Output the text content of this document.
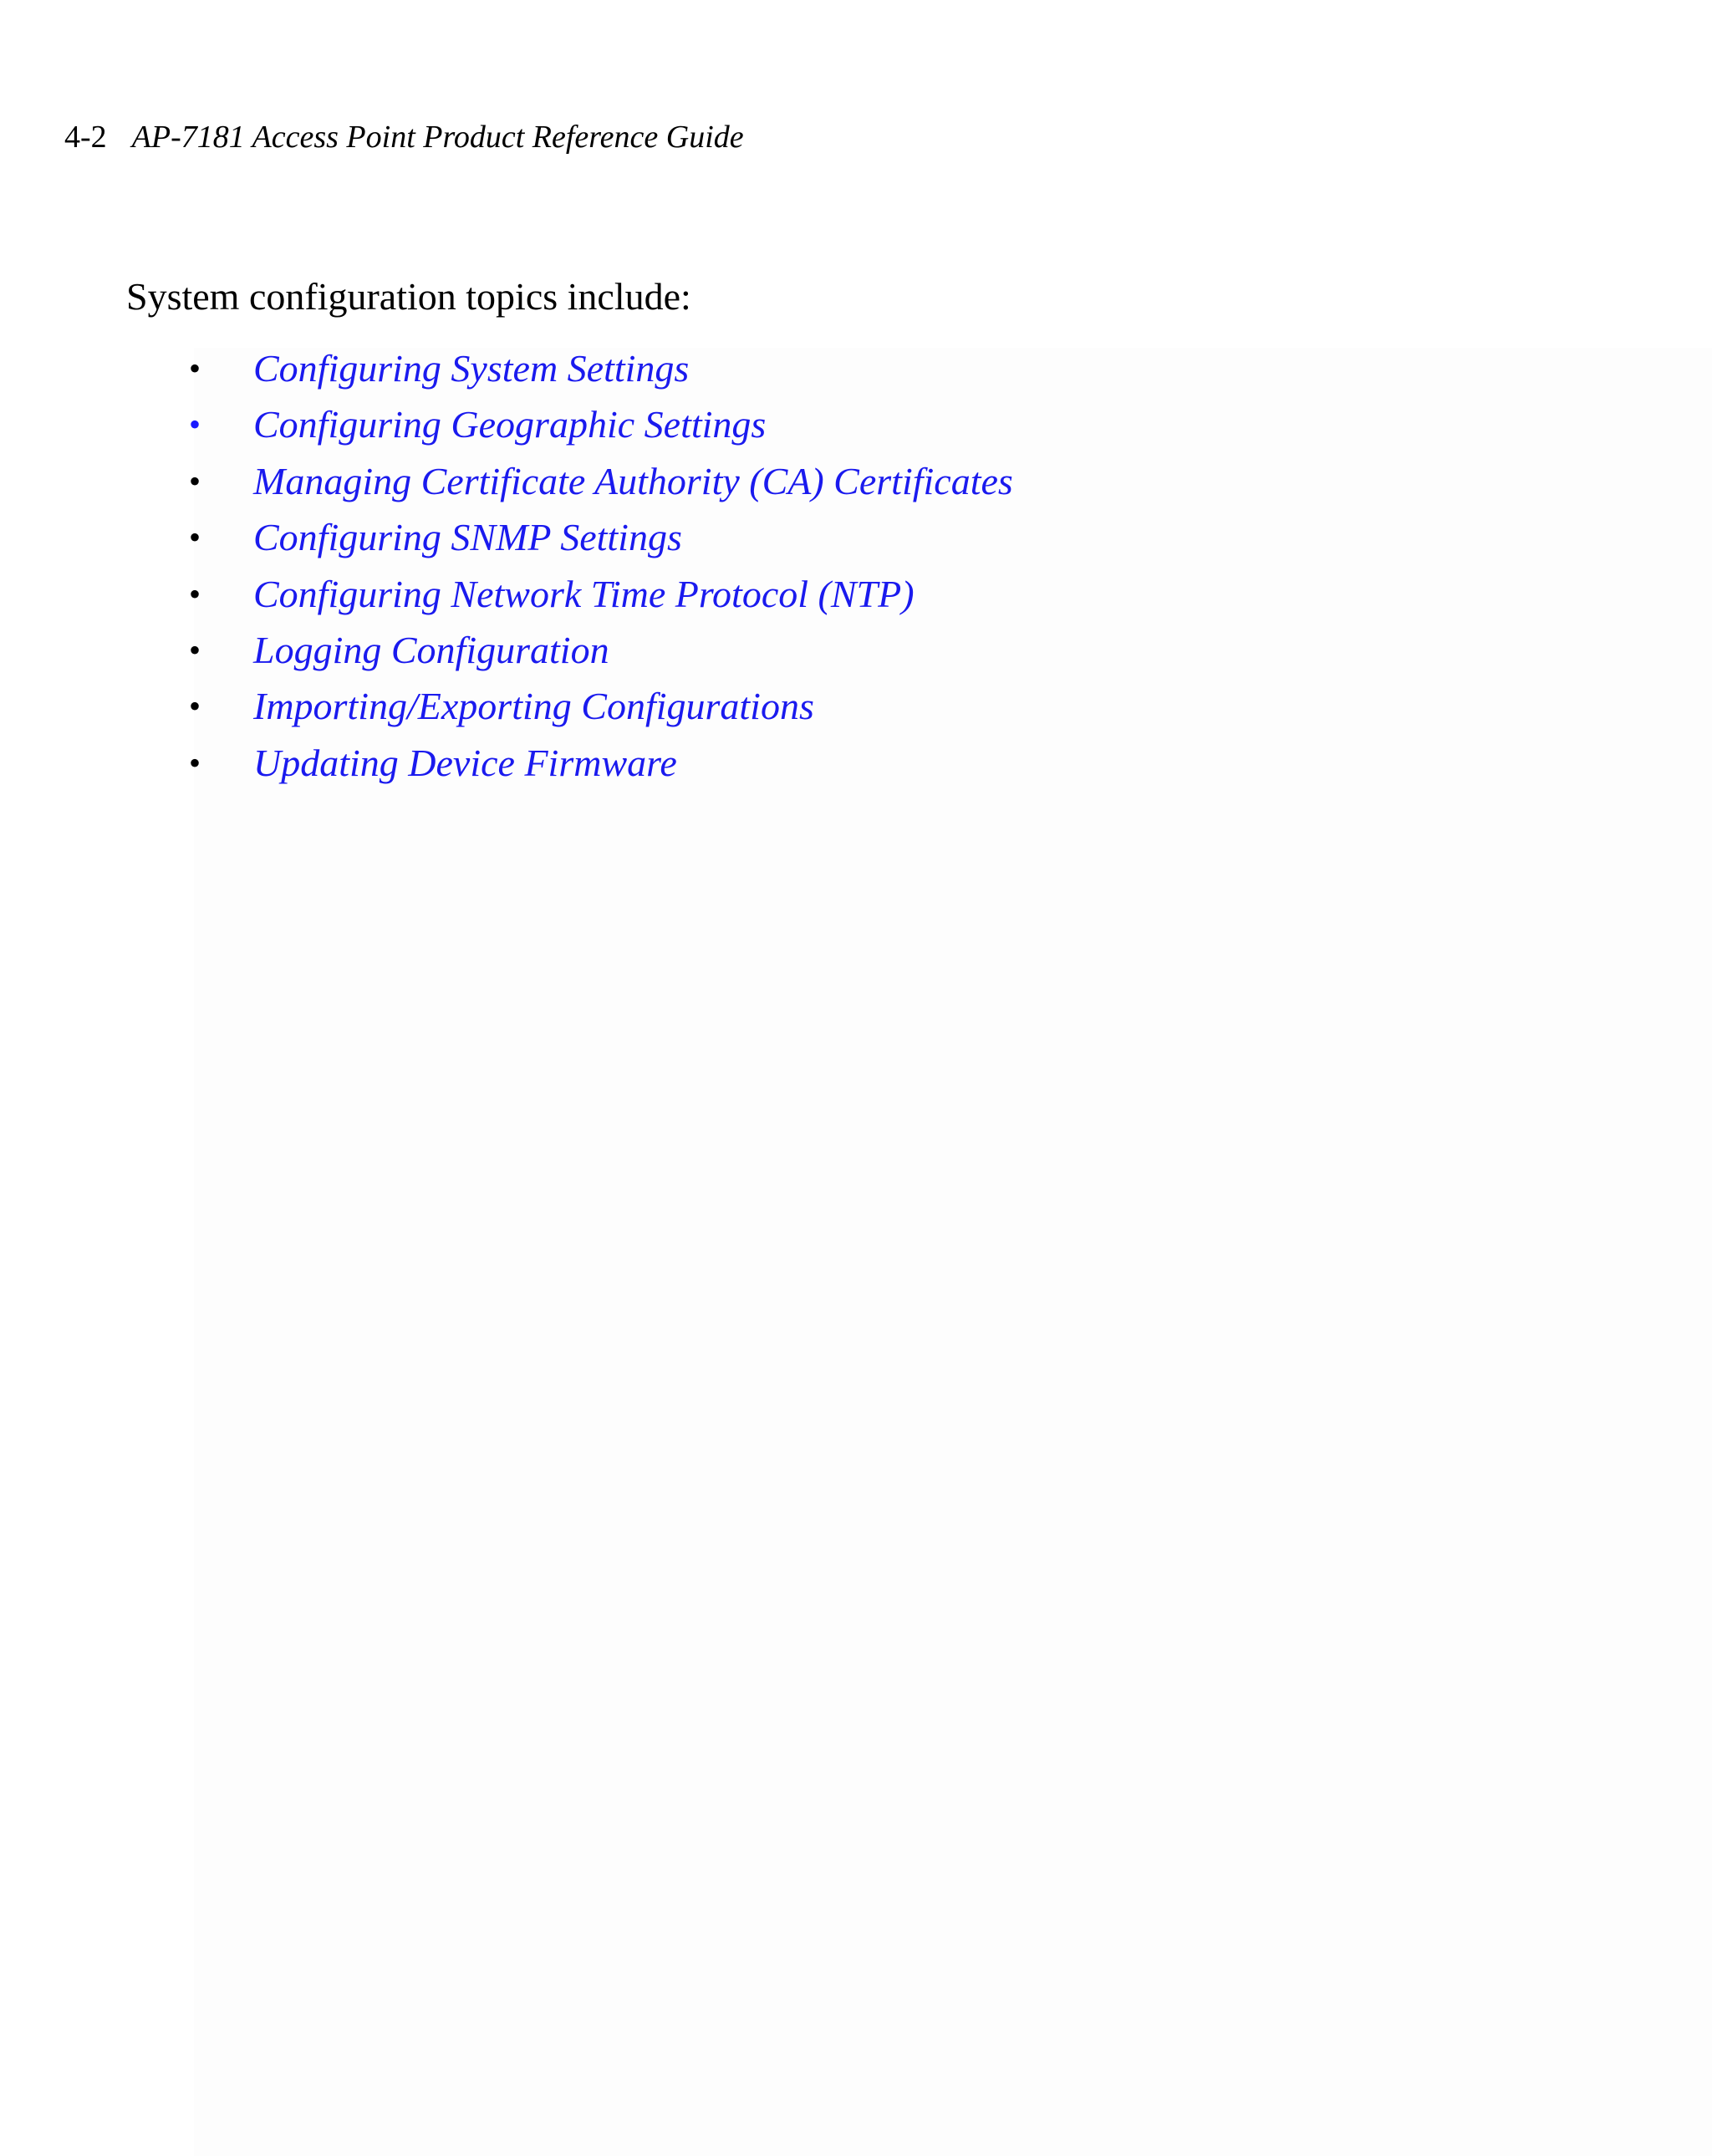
4-2 AP-7181 Access Point Product Reference Guide
System configuration topics include:
• Configuring System Settings
• Configuring Geographic Settings
• Managing Certificate Authority (CA) Certificates
• Configuring SNMP Settings
• Configuring Network Time Protocol (NTP)
• Logging Configuration
• Importing/Exporting Configurations
• Updating Device Firmware
